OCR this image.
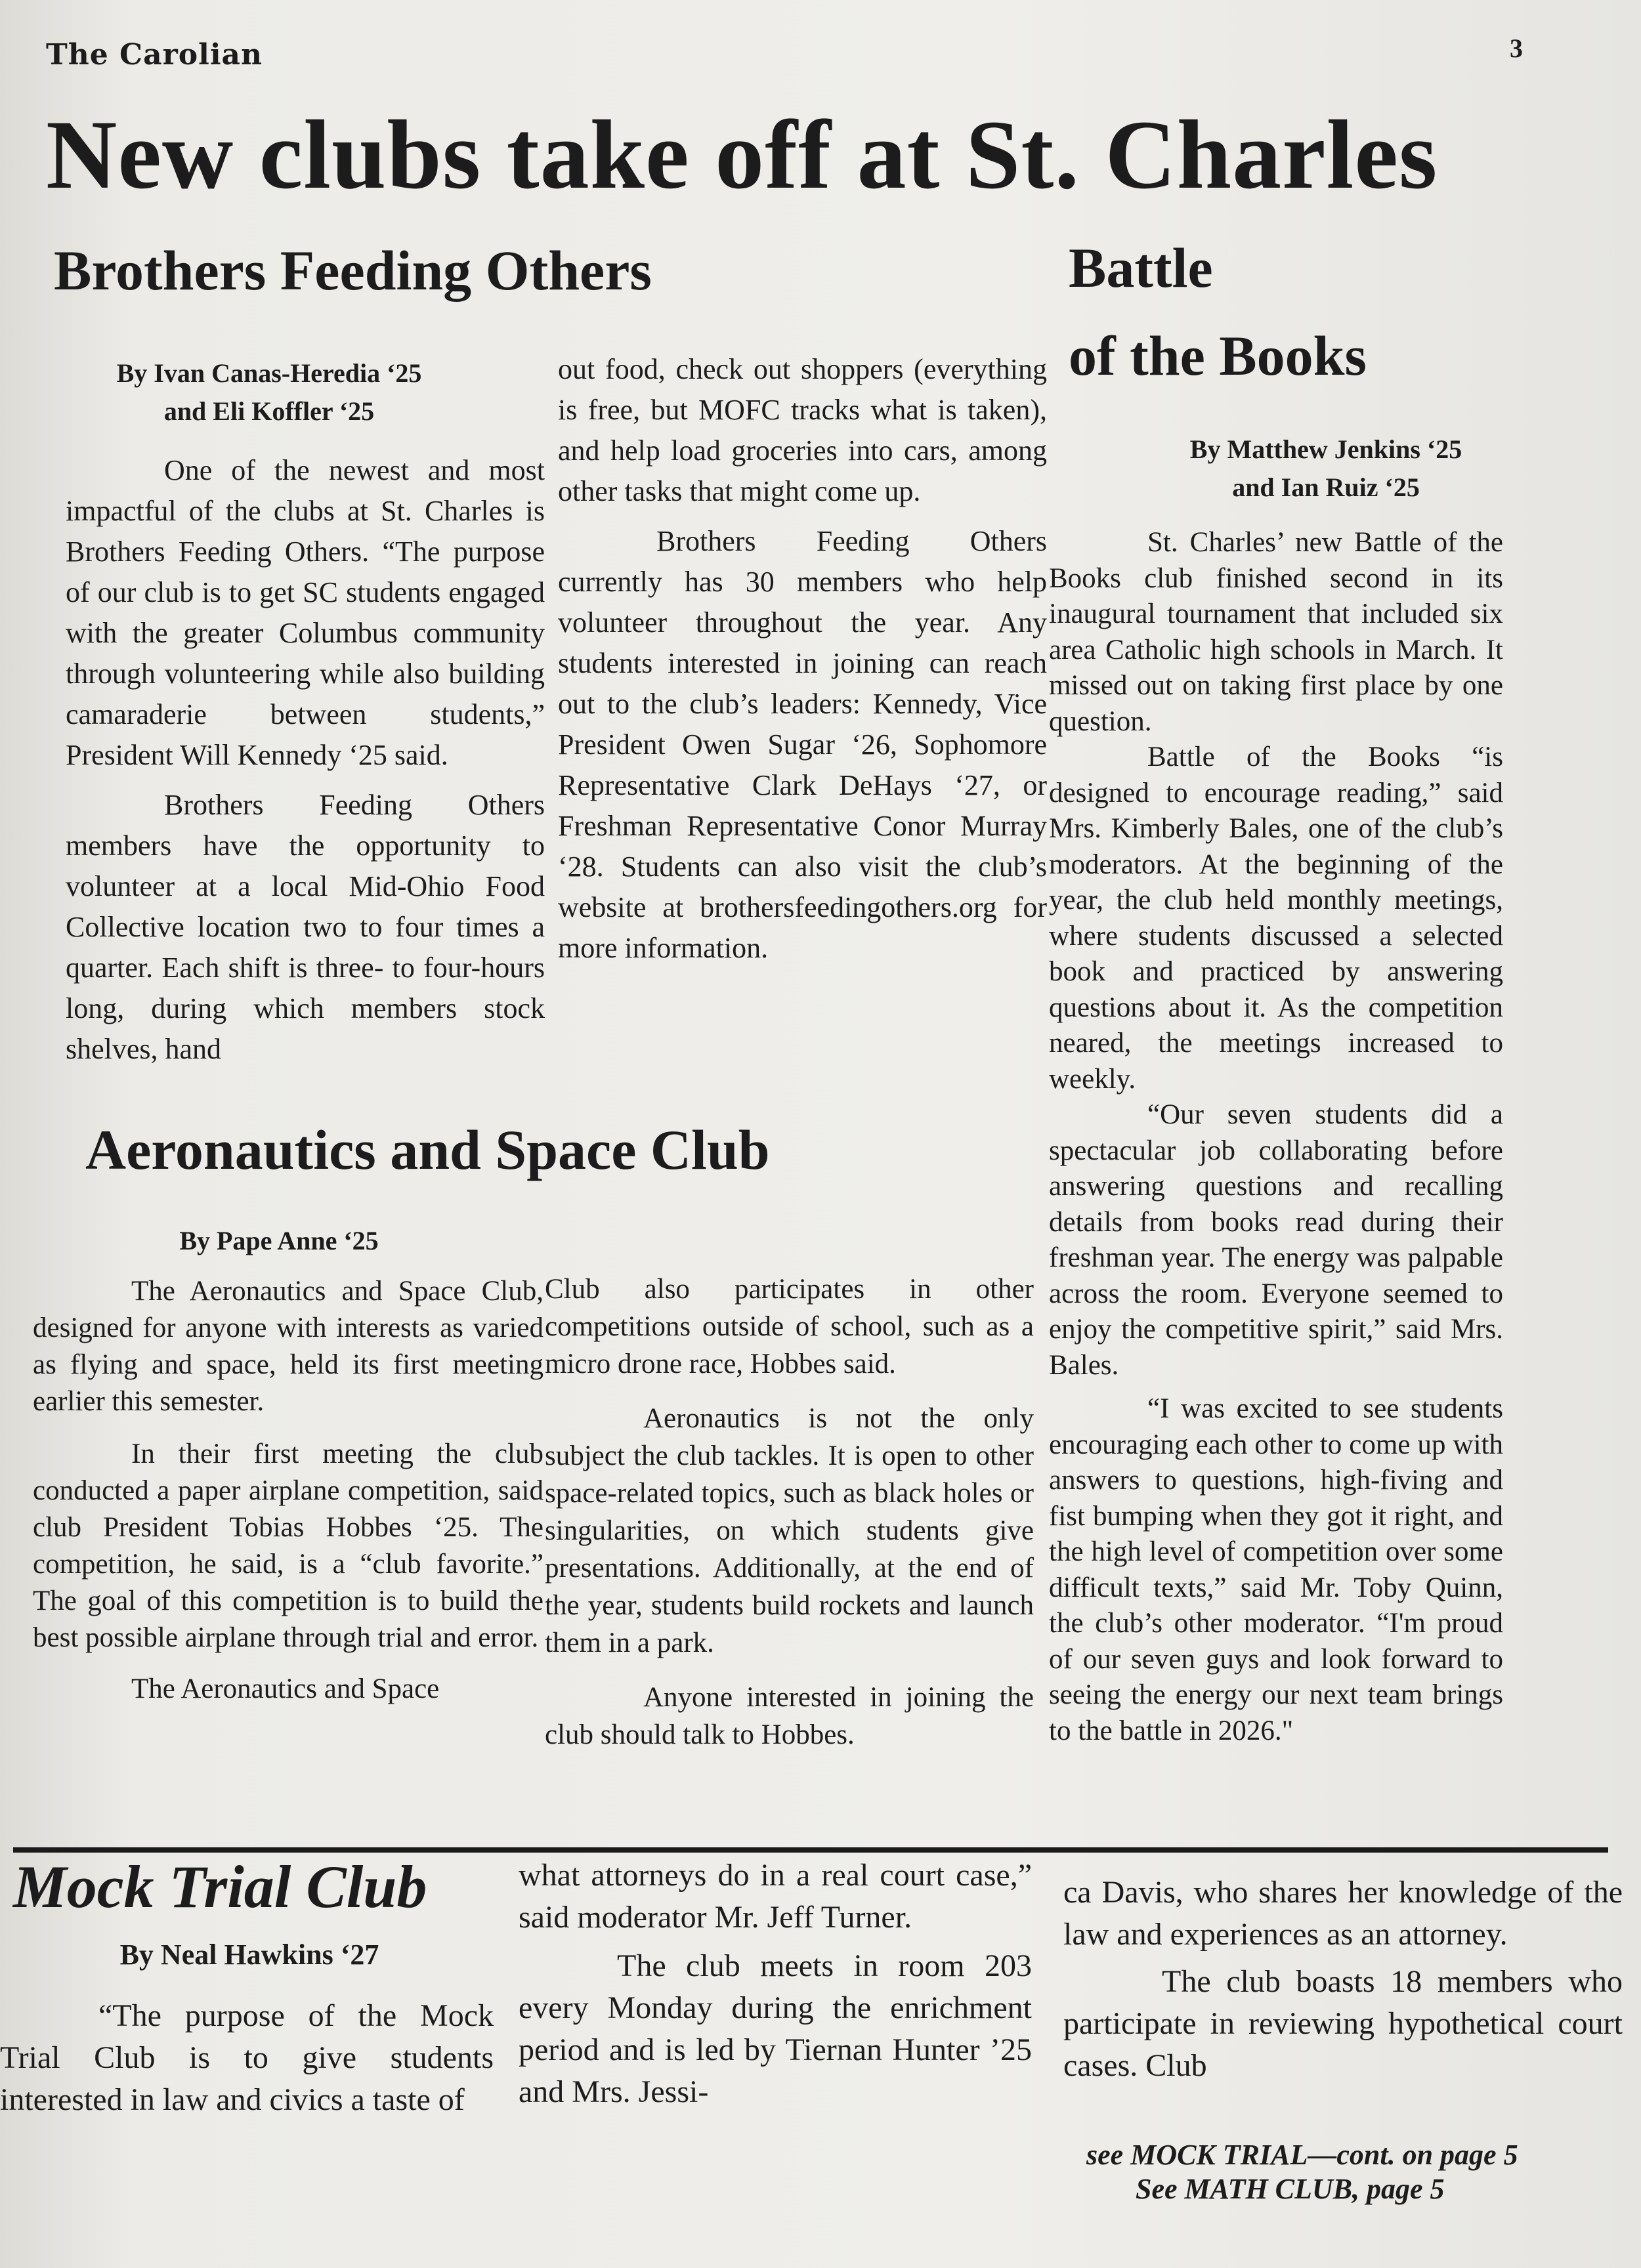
The Carolian	3
New clubs take off at St. Charles
Brothers Feeding Others
By Ivan Canas-Heredia ‘25
and Eli Koffler ‘25

One of the newest and most impactful of the clubs at St. Charles is Brothers Feeding Others. “The purpose of our club is to get SC students engaged with the greater Columbus community through volunteering while also building camaraderie between students,” President Will Kennedy ‘25 said.

Brothers Feeding Others members have the opportunity to volunteer at a local Mid-Ohio Food Collective location two to four times a quarter. Each shift is three- to four-hours long, during which members stock shelves, hand

out food, check out shoppers (everything is free, but MOFC tracks what is taken), and help load groceries into cars, among other tasks that might come up.

Brothers Feeding Others currently has 30 members who help volunteer throughout the year. Any students interested in joining can reach out to the club’s leaders: Kennedy, Vice President Owen Sugar ‘26, Sophomore Representative Clark DeHays ‘27, or Freshman Representative Conor Murray ‘28. Students can also visit the club’s website at brothersfeedingothers.org for more information.

Battle
of the Books
By Matthew Jenkins ‘25
and Ian Ruiz ‘25

St. Charles’ new Battle of the Books club finished second in its inaugural tournament that included six area Catholic high schools in March. It missed out on taking first place by one question.

Battle of the Books “is designed to encourage reading,” said Mrs. Kimberly Bales, one of the club’s moderators. At the beginning of the year, the club held monthly meetings, where students discussed a selected book and practiced by answering questions about it. As the competition neared, the meetings increased to weekly.

“Our seven students did a spectacular job collaborating before answering questions and recalling details from books read during their freshman year. The energy was palpable across the room. Everyone seemed to enjoy the competitive spirit,” said Mrs. Bales.

“I was excited to see students encouraging each other to come up with answers to questions, high-fiving and fist bumping when they got it right, and the high level of competition over some difficult texts,” said Mr. Toby Quinn, the club’s other moderator. “I'm proud of our seven guys and look forward to seeing the energy our next team brings to the battle in 2026."

Aeronautics and Space Club
By Pape Anne ‘25

The Aeronautics and Space Club, designed for anyone with interests as varied as flying and space, held its first meeting earlier this semester.

In their first meeting the club conducted a paper airplane competition, said club President Tobias Hobbes ‘25. The competition, he said, is a “club favorite.” The goal of this competition is to build the best possible airplane through trial and error.

The Aeronautics and Space

Club also participates in other competitions outside of school, such as a micro drone race, Hobbes said.

Aeronautics is not the only subject the club tackles. It is open to other space-related topics, such as black holes or singularities, on which students give presentations. Additionally, at the end of the year, students build rockets and launch them in a park.

Anyone interested in joining the club should talk to Hobbes.

Mock Trial Club
By Neal Hawkins ‘27

“The purpose of the Mock Trial Club is to give students interested in law and civics a taste of

what attorneys do in a real court case,” said moderator Mr. Jeff Turner.

The club meets in room 203 every Monday during the enrichment period and is led by Tiernan Hunter ’25 and Mrs. Jessi-

ca Davis, who shares her knowledge of the law and experiences as an attorney.

The club boasts 18 members who participate in reviewing hypothetical court cases. Club

see MOCK TRIAL—cont. on page 5
See MATH CLUB, page 5
